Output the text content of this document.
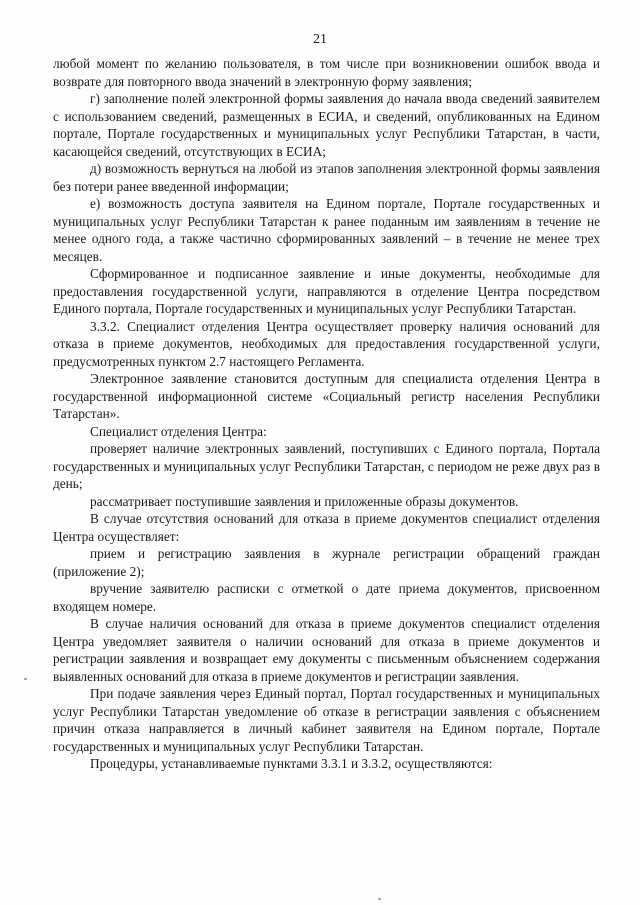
21

любой момент по желанию пользователя, в том числе при возникновении ошибок ввода и возврате для повторного ввода значений в электронную форму заявления;

г) заполнение полей электронной формы заявления до начала ввода сведений заявителем с использованием сведений, размещенных в ЕСИА, и сведений, опубликованных на Едином портале, Портале государственных и муниципальных услуг Республики Татарстан, в части, касающейся сведений, отсутствующих в ЕСИА;

д) возможность вернуться на любой из этапов заполнения электронной формы заявления без потери ранее введенной информации;

е) возможность доступа заявителя на Едином портале, Портале государственных и муниципальных услуг Республики Татарстан к ранее поданным им заявлениям в течение не менее одного года, а также частично сформированных заявлений – в течение не менее трех месяцев.

Сформированное и подписанное заявление и иные документы, необходимые для предоставления государственной услуги, направляются в отделение Центра посредством Единого портала, Портале государственных и муниципальных услуг Республики Татарстан.

3.3.2. Специалист отделения Центра осуществляет проверку наличия оснований для отказа в приеме документов, необходимых для предоставления государственной услуги, предусмотренных пунктом 2.7 настоящего Регламента.

Электронное заявление становится доступным для специалиста отделения Центра в государственной информационной системе «Социальный регистр населения Республики Татарстан».

Специалист отделения Центра:

проверяет наличие электронных заявлений, поступивших с Единого портала, Портала государственных и муниципальных услуг Республики Татарстан, с периодом не реже двух раз в день;

рассматривает поступившие заявления и приложенные образы документов.

В случае отсутствия оснований для отказа в приеме документов специалист отделения Центра осуществляет:

прием и регистрацию заявления в журнале регистрации обращений граждан (приложение 2);

вручение заявителю расписки с отметкой о дате приема документов, присвоенном входящем номере.

В случае наличия оснований для отказа в приеме документов специалист отделения Центра уведомляет заявителя о наличии оснований для отказа в приеме документов и регистрации заявления и возвращает ему документы с письменным объяснением содержания выявленных оснований для отказа в приеме документов и регистрации заявления.

При подаче заявления через Единый портал, Портал государственных и муниципальных услуг Республики Татарстан уведомление об отказе в регистрации заявления с объяснением причин отказа направляется в личный кабинет заявителя на Едином портале, Портале государственных и муниципальных услуг Республики Татарстан.

Процедуры, устанавливаемые пунктами 3.3.1 и 3.3.2, осуществляются:
